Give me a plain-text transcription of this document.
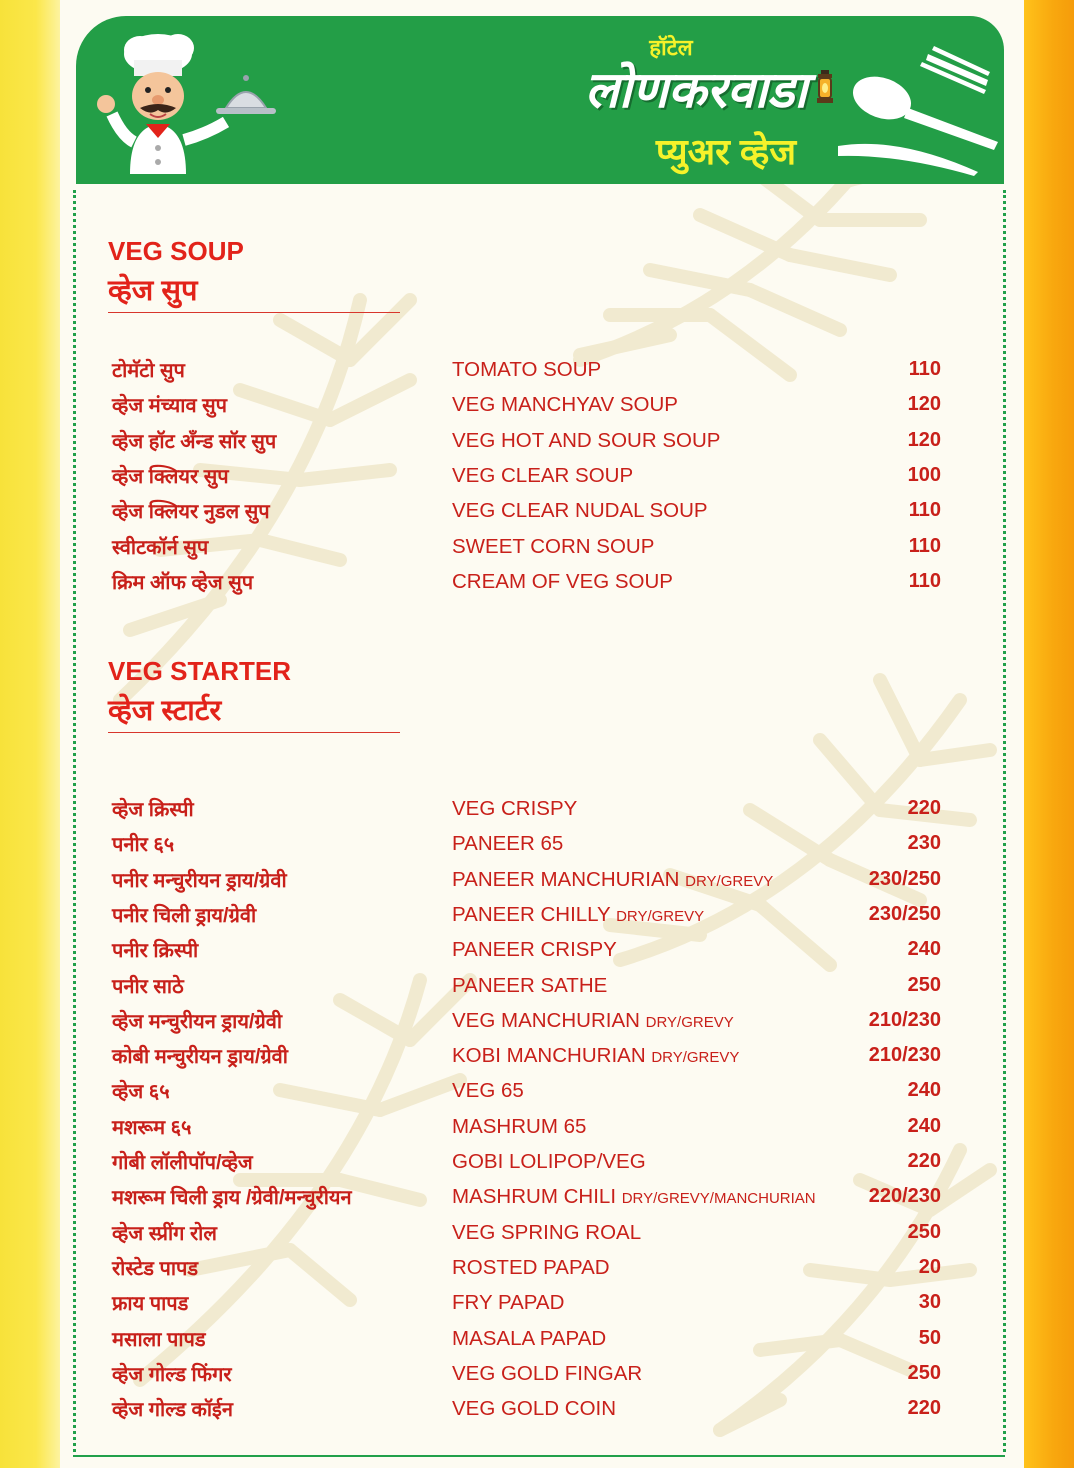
हॉटेल
लोणकरवाडा
प्युअर व्हेज
VEG SOUP
व्हेज सुप
टोमॅटो सुप	TOMATO SOUP	110
व्हेज मंच्याव सुप	VEG MANCHYAV SOUP	120
व्हेज हॉट अँन्ड सॉर सुप	VEG HOT AND SOUR SOUP	120
व्हेज क्लियर सुप	VEG CLEAR SOUP	100
व्हेज क्लियर नुडल सुप	VEG CLEAR NUDAL SOUP	110
स्वीटकॉर्न सुप	SWEET CORN SOUP	110
क्रिम ऑफ व्हेज सुप	CREAM OF VEG SOUP	110
VEG STARTER
व्हेज स्टार्टर
व्हेज क्रिस्पी	VEG CRISPY	220
पनीर ६५	PANEER 65	230
पनीर मन्चुरीयन ड्राय/ग्रेवी	PANEER MANCHURIAN DRY/GREVY	230/250
पनीर चिली ड्राय/ग्रेवी	PANEER CHILLY DRY/GREVY	230/250
पनीर क्रिस्पी	PANEER CRISPY	240
पनीर साठे	PANEER SATHE	250
व्हेज मन्चुरीयन ड्राय/ग्रेवी	VEG MANCHURIAN DRY/GREVY	210/230
कोबी मन्चुरीयन ड्राय/ग्रेवी	KOBI MANCHURIAN DRY/GREVY	210/230
व्हेज ६५	VEG 65	240
मशरूम ६५	MASHRUM 65	240
गोबी लॉलीपॉप/व्हेज	GOBI LOLIPOP/VEG	220
मशरूम चिली ड्राय /ग्रेवी/मन्चुरीयन	MASHRUM CHILI DRY/GREVY/MANCHURIAN	220/230
व्हेज स्प्रींग रोल	VEG SPRING ROAL	250
रोस्टेड पापड	ROSTED PAPAD	20
फ्राय पापड	FRY PAPAD	30
मसाला पापड	MASALA PAPAD	50
व्हेज गोल्ड फिंगर	VEG GOLD FINGAR	250
व्हेज गोल्ड कॉईन	VEG GOLD COIN	220
